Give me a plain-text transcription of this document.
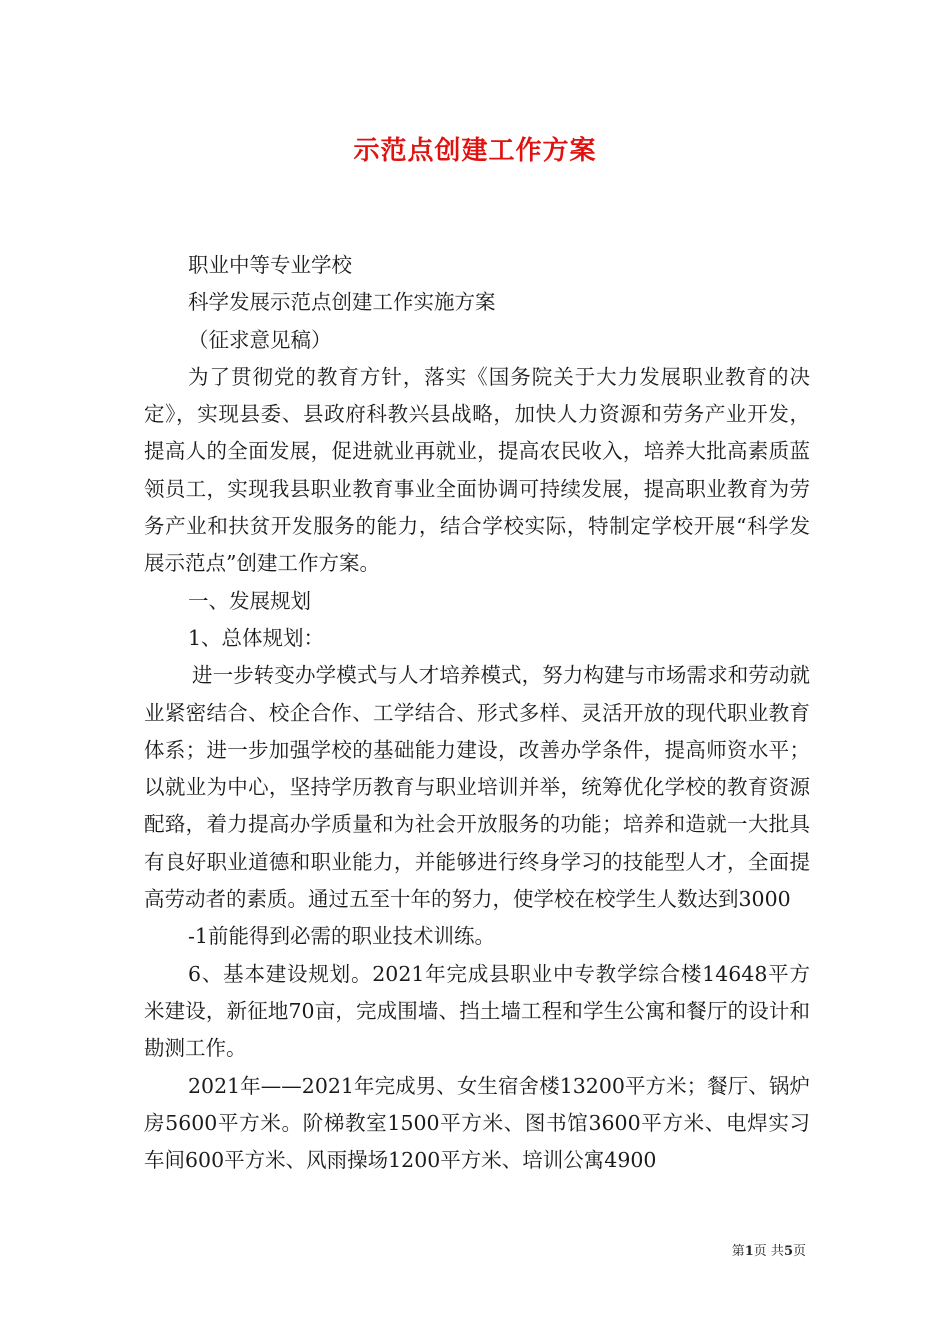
示范点创建工作方案

职业中等专业学校

科学发展示范点创建工作实施方案

（征求意见稿）

为了贯彻党的教育方针，落实《国务院关于大力发展职业教育的决定》，实现县委、县政府科教兴县战略，加快人力资源和劳务产业开发，提高人的全面发展，促进就业再就业，提高农民收入，培养大批高素质蓝领员工，实现我县职业教育事业全面协调可持续发展，提高职业教育为劳务产业和扶贫开发服务的能力，结合学校实际，特制定学校开展“科学发展示范点”创建工作方案。

一、发展规划

1、总体规划：

进一步转变办学模式与人才培养模式，努力构建与市场需求和劳动就业紧密结合、校企合作、工学结合、形式多样、灵活开放的现代职业教育体系；进一步加强学校的基础能力建设，改善办学条件，提高师资水平；以就业为中心，坚持学历教育与职业培训并举，统筹优化学校的教育资源配臵，着力提高办学质量和为社会开放服务的功能；培养和造就一大批具有良好职业道德和职业能力，并能够进行终身学习的技能型人才，全面提高劳动者的素质。通过五至十年的努力，使学校在校学生人数达到3000

-1前能得到必需的职业技术训练。

6、基本建设规划。2021年完成县职业中专教学综合楼14648平方米建设，新征地70亩，完成围墙、挡土墙工程和学生公寓和餐厅的设计和勘测工作。

2021年——2021年完成男、女生宿舍楼13200平方米；餐厅、锅炉房5600平方米。阶梯教室1500平方米、图书馆3600平方米、电焊实习车间600平方米、风雨操场1200平方米、培训公寓4900

第1页 共5页
